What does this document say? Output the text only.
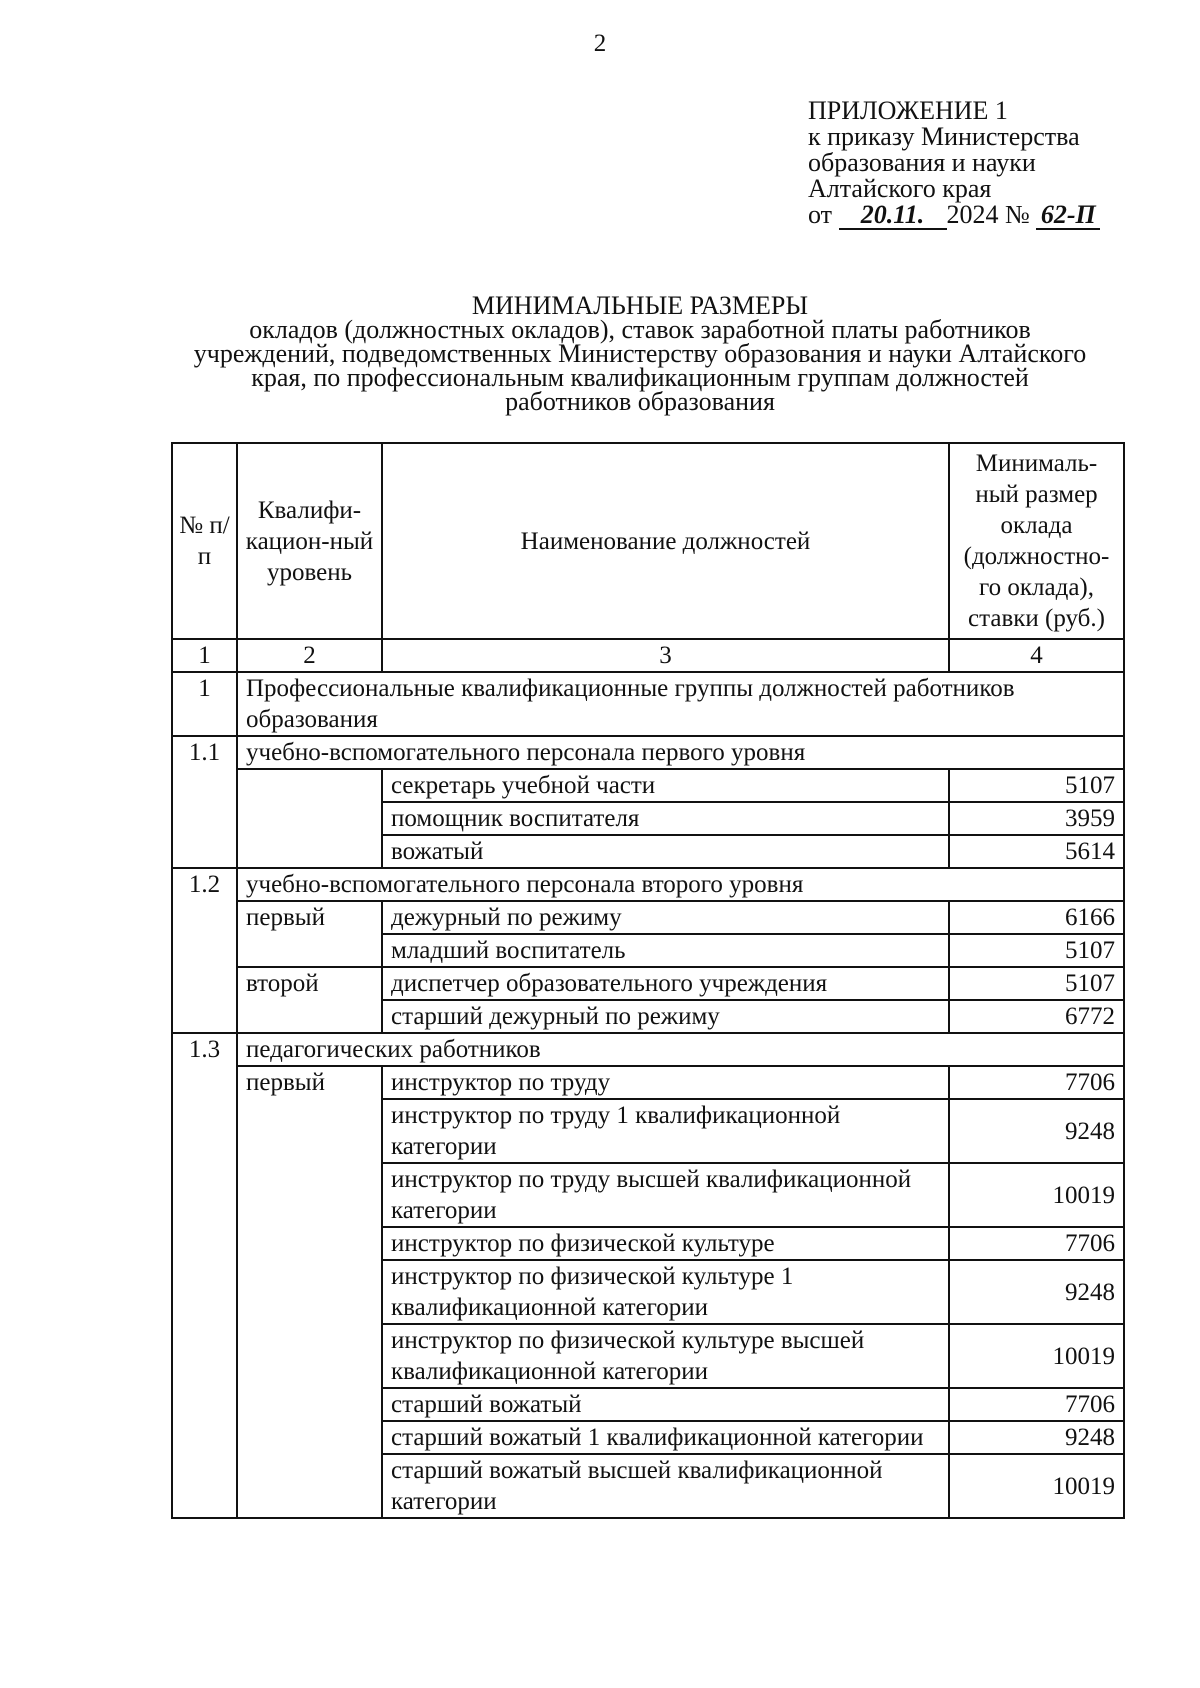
2
ПРИЛОЖЕНИЕ 1
к приказу Министерства
образования и науки
Алтайского края
от 20.11. 2024 № 62-П
МИНИМАЛЬНЫЕ РАЗМЕРЫ
окладов (должностных окладов), ставок заработной платы работников
учреждений, подведомственных Министерству образования и науки Алтайского
края, по профессиональным квалификационным группам должностей
работников образования
№ п/п	Квалифи-кацион-ный уровень	Наименование должностей	Минималь-ный размер оклада (должностно-го оклада), ставки (руб.)
1	2	3	4
1	Профессиональные квалификационные группы должностей работников образования		
1.1	учебно-вспомогательного персонала первого уровня		
		секретарь учебной части	5107
		помощник воспитателя	3959
		вожатый	5614
1.2	учебно-вспомогательного персонала второго уровня		
	первый	дежурный по режиму	6166
		младший воспитатель	5107
	второй	диспетчер образовательного учреждения	5107
		старший дежурный по режиму	6772
1.3	педагогических работников		
	первый	инструктор по труду	7706
		инструктор по труду 1 квалификационной категории	9248
		инструктор по труду высшей квалификационной категории	10019
		инструктор по физической культуре	7706
		инструктор по физической культуре 1 квалификационной категории	9248
		инструктор по физической культуре высшей квалификационной категории	10019
		старший вожатый	7706
		старший вожатый 1 квалификационной категории	9248
		старший вожатый высшей квалификационной категории	10019
